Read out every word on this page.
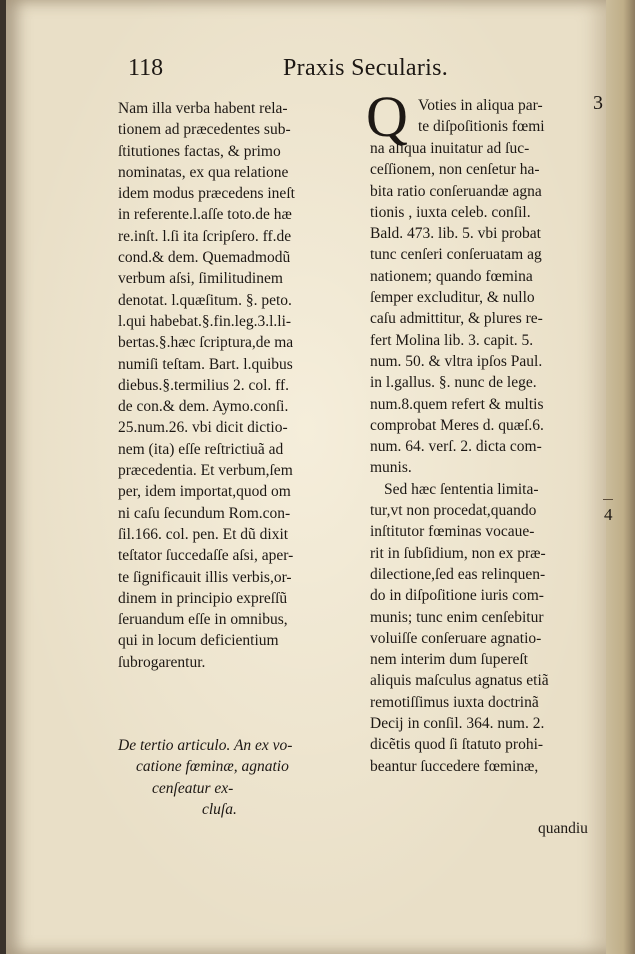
118	Praxis Secularis.
Nam illa verba habent rela-
tionem ad præcedentes sub-
ſtitutiones factas, & primo
nominatas, ex qua relatione
idem modus præcedens ineſt
in referente.l.aſſe toto.de hæ
re.inſt. l.ſi ita ſcripſero. ff.de
cond.& dem. Quemadmodũ
verbum aſsi, ſimilitudinem
denotat. l.quæſitum. §. peto.
l.qui habebat.§.fin.leg.3.l.li-
bertas.§.hæc ſcriptura,de ma
numiſi teſtam. Bart. l.quibus
diebus.§.termilius 2. col. ff.
de con.& dem. Aymo.conſi.
25.num.26. vbi dicit dictio-
nem (ita) eſſe reſtrictiuã ad
præcedentia. Et verbum,ſem
per, idem importat,quod om
ni caſu ſecundum Rom.con-
ſil.166. col. pen. Et dũ dixit
teſtator ſuccedaſſe aſsi, aper-
te ſignificauit illis verbis,or-
dinem in principio expreſſũ
ſeruandum eſſe in omnibus,
qui in locum deficientium
ſubrogarentur.
De tertio articulo. An ex vo-
catione fœminæ, agnatio
cenſeatur ex-
cluſa.
Q Voties in aliqua par-
te diſpoſitionis fœmi
na aliqua inuitatur ad ſuc-
ceſſionem, non cenſetur ha-
bita ratio conſeruandæ agna
tionis , iuxta celeb. conſil.
Bald. 473. lib. 5. vbi probat
tunc cenſeri conſeruatam ag
nationem; quando fœmina
ſemper excluditur, & nullo
caſu admittitur, & plures re-
fert Molina lib. 3. capit. 5.
num. 50. & vltra ipſos Paul.
in l.gallus. §. nunc de lege.
num.8.quem refert & multis
comprobat Meres d. quæſ.6.
num. 64. verſ. 2. dicta com-
munis.
Sed hæc ſententia limita-
tur,vt non procedat,quando
inſtitutor fœminas vocaue-
rit in ſubſidium, non ex præ-
dilectione,ſed eas relinquen-
do in diſpoſitione iuris com-
munis; tunc enim cenſebitur
voluiſſe conſeruare agnatio-
nem interim dum ſupereſt
aliquis maſculus agnatus etiã
remotiſſimus iuxta doctrinã
Decij in conſil. 364. num. 2.
dicẽtis quod ſi ſtatuto prohi-
beantur ſuccedere fœminæ,
quandiu
3
4
